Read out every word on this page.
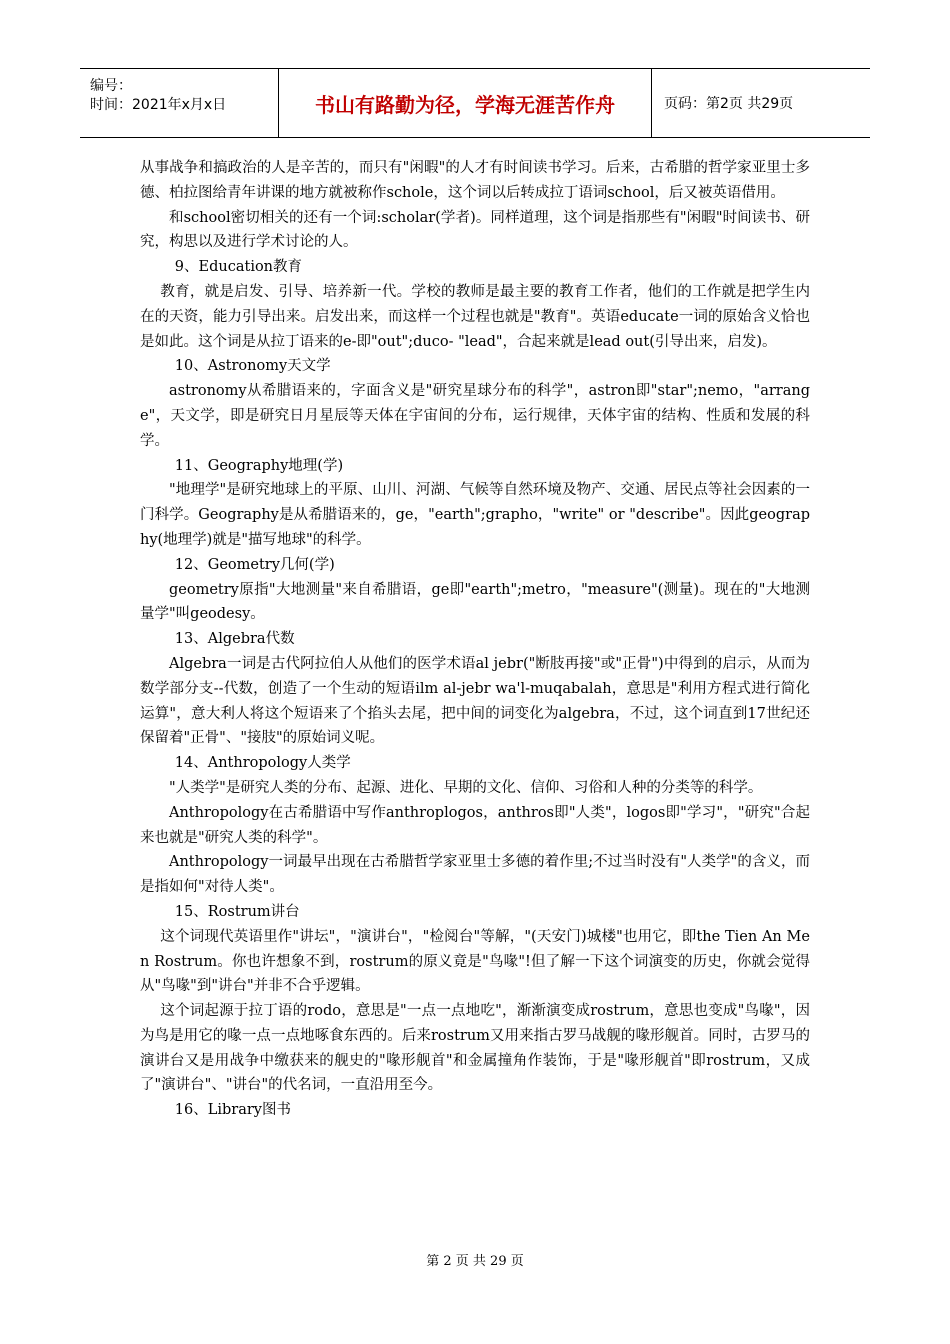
编号：
时间：2021年x月x日	书山有路勤为径，学海无涯苦作舟	页码：第2页 共29页

从事战争和搞政治的人是辛苦的，而只有"闲暇"的人才有时间读书学习。后来，古希腊的哲学家亚里士多德、柏拉图给青年讲课的地方就被称作schole，这个词以后转成拉丁语词school，后又被英语借用。

和school密切相关的还有一个词:scholar(学者)。同样道理，这个词是指那些有"闲暇"时间读书、研究，构思以及进行学术讨论的人。

9、Education教育

教育，就是启发、引导、培养新一代。学校的教师是最主要的教育工作者，他们的工作就是把学生内在的天资，能力引导出来。启发出来，而这样一个过程也就是"教育"。英语educate一词的原始含义恰也是如此。这个词是从拉丁语来的e-即"out";duco- "lead"，合起来就是lead out(引导出来，启发)。

10、Astronomy天文学

astronomy从希腊语来的，字面含义是"研究星球分布的科学"，astron即"star";nemo，"arrange"，天文学，即是研究日月星辰等天体在宇宙间的分布，运行规律，天体宇宙的结构、性质和发展的科学。

11、Geography地理(学)

"地理学"是研究地球上的平原、山川、河湖、气候等自然环境及物产、交通、居民点等社会因素的一门科学。Geography是从希腊语来的，ge，"earth";grapho，"write" or "describe"。因此geography(地理学)就是"描写地球"的科学。

12、Geometry几何(学)

geometry原指"大地测量"来自希腊语，ge即"earth";metro，"measure"(测量)。现在的"大地测量学"叫geodesy。

13、Algebra代数

Algebra一词是古代阿拉伯人从他们的医学术语al jebr("断肢再接"或"正骨")中得到的启示，从而为数学部分支--代数，创造了一个生动的短语ilm al-jebr wa'l-muqabalah，意思是"利用方程式进行简化运算"，意大利人将这个短语来了个掐头去尾，把中间的词变化为algebra，不过，这个词直到17世纪还保留着"正骨"、"接肢"的原始词义呢。

14、Anthropology人类学

"人类学"是研究人类的分布、起源、进化、早期的文化、信仰、习俗和人种的分类等的科学。

Anthropology在古希腊语中写作anthroplogos，anthros即"人类"，logos即"学习"，"研究"合起来也就是"研究人类的科学"。

Anthropology一词最早出现在古希腊哲学家亚里士多德的着作里;不过当时没有"人类学"的含义，而是指如何"对待人类"。

15、Rostrum讲台

这个词现代英语里作"讲坛"，"演讲台"，"检阅台"等解，"(天安门)城楼"也用它，即the Tien An Men Rostrum。你也许想象不到，rostrum的原义竟是"鸟喙"!但了解一下这个词演变的历史，你就会觉得从"鸟喙"到"讲台"并非不合乎逻辑。

这个词起源于拉丁语的rodo，意思是"一点一点地吃"，渐渐演变成rostrum，意思也变成"鸟喙"，因为鸟是用它的喙一点一点地啄食东西的。后来rostrum又用来指古罗马战舰的喙形舰首。同时，古罗马的演讲台又是用战争中缴获来的舰史的"喙形舰首"和金属撞角作装饰，于是"喙形舰首"即rostrum，又成了"演讲台"、"讲台"的代名词，一直沿用至今。

16、Library图书

第 2 页 共 29 页
